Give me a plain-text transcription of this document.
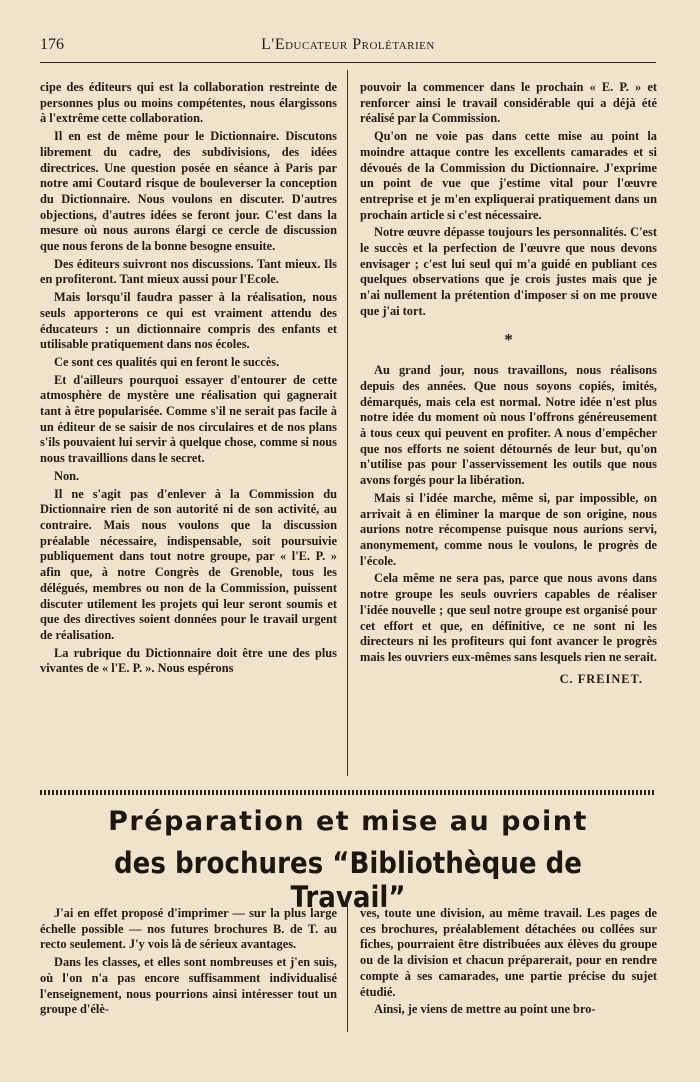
176	L'Educateur Prolétarien

cipe des éditeurs qui est la collaboration restreinte de personnes plus ou moins compétentes, nous élargissons à l'extrême cette collaboration.

Il en est de même pour le Dictionnaire. Discutons librement du cadre, des subdivisions, des idées directrices. Une question posée en séance à Paris par notre ami Coutard risque de bouleverser la conception du Dictionnaire. Nous voulons en discuter. D'autres objections, d'autres idées se feront jour. C'est dans la mesure où nous aurons élargi ce cercle de discussion que nous ferons de la bonne besogne ensuite.

Des éditeurs suivront nos discussions. Tant mieux. Ils en profiteront. Tant mieux aussi pour l'Ecole.

Mais lorsqu'il faudra passer à la réalisation, nous seuls apporterons ce qui est vraiment attendu des éducateurs : un dictionnaire compris des enfants et utilisable pratiquement dans nos écoles.

Ce sont ces qualités qui en feront le succès.

Et d'ailleurs pourquoi essayer d'entourer de cette atmosphère de mystère une réalisation qui gagnerait tant à être popularisée. Comme s'il ne serait pas facile à un éditeur de se saisir de nos circulaires et de nos plans s'ils pouvaient lui servir à quelque chose, comme si nous nous travaillions dans le secret.

Non.

Il ne s'agit pas d'enlever à la Commission du Dictionnaire rien de son autorité ni de son activité, au contraire. Mais nous voulons que la discussion préalable nécessaire, indispensable, soit poursuivie publiquement dans tout notre groupe, par « l'E. P. » afin que, à notre Congrès de Grenoble, tous les délégués, membres ou non de la Commission, puissent discuter utilement les projets qui leur seront soumis et que des directives soient données pour le travail urgent de réalisation.

La rubrique du Dictionnaire doit être une des plus vivantes de « l'E. P. ». Nous espérons

pouvoir la commencer dans le prochain « E. P. » et renforcer ainsi le travail considérable qui a déjà été réalisé par la Commission.

Qu'on ne voie pas dans cette mise au point la moindre attaque contre les excellents camarades et si dévoués de la Commission du Dictionnaire. J'exprime un point de vue que j'estime vital pour l'œuvre entreprise et je m'en expliquerai pratiquement dans un prochain article si c'est nécessaire.

Notre œuvre dépasse toujours les personnalités. C'est le succès et la perfection de l'œuvre que nous devons envisager ; c'est lui seul qui m'a guidé en publiant ces quelques observations que je crois justes mais que je n'ai nullement la prétention d'imposer si on me prouve que j'ai tort.

*

Au grand jour, nous travaillons, nous réalisons depuis des années. Que nous soyons copiés, imités, démarqués, mais cela est normal. Notre idée n'est plus notre idée du moment où nous l'offrons généreusement à tous ceux qui peuvent en profiter. A nous d'empêcher que nos efforts ne soient détournés de leur but, qu'on n'utilise pas pour l'asservissement les outils que nous avons forgés pour la libération.

Mais si l'idée marche, même si, par impossible, on arrivait à en éliminer la marque de son origine, nous aurions notre récompense puisque nous aurions servi, anonymement, comme nous le voulons, le progrès de l'école.

Cela même ne sera pas, parce que nous avons dans notre groupe les seuls ouvriers capables de réaliser l'idée nouvelle ; que seul notre groupe est organisé pour cet effort et que, en définitive, ce ne sont ni les directeurs ni les profiteurs qui font avancer le progrès mais les ouvriers eux-mêmes sans lesquels rien ne serait.

C. FREINET.
Préparation et mise au point
des brochures “Bibliothèque de Travail”

J'ai en effet proposé d'imprimer — sur la plus large échelle possible — nos futures brochures B. de T. au recto seulement. J'y vois là de sérieux avantages.

Dans les classes, et elles sont nombreuses et j'en suis, où l'on n'a pas encore suffisamment individualisé l'enseignement, nous pourrions ainsi intéresser tout un groupe d'élè-

ves, toute une division, au même travail. Les pages de ces brochures, préalablement détachées ou collées sur fiches, pourraient être distribuées aux élèves du groupe ou de la division et chacun préparerait, pour en rendre compte à ses camarades, une partie précise du sujet étudié.

Ainsi, je viens de mettre au point une bro-
